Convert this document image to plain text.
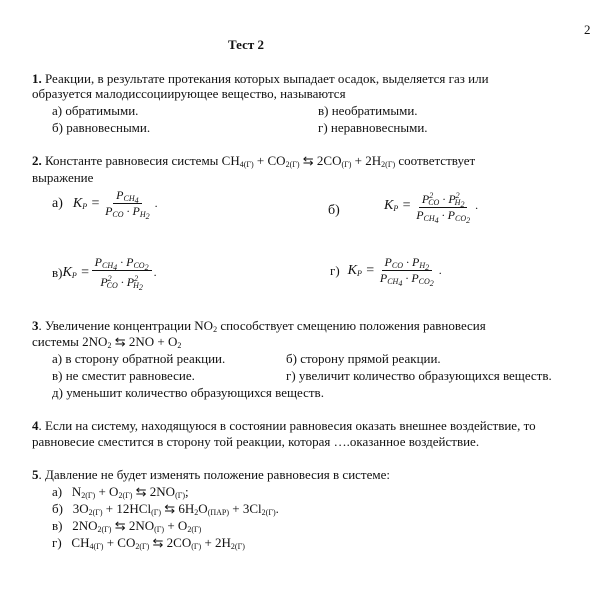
2
Тест 2
1. Реакции, в результате протекания которых выпадает осадок, выделяется газ или
образуется малодиссоциирующее вещество, называются
а) обратимыми.	в) необратимыми.
б) равновесными.	г) неравновесными.
2. Константе равновесия системы $CH_{4(Г)} + CO_{2(Г)}$ ⇆ $2CO_{(Г)} + 2H_{2(Г)}$ соответствует
выражение
а) $K_P = \frac{P_{CH_4}}{P_{CO} \cdot P_{H_2}}$ .	б)	$K_P = \frac{P^2_{CO} \cdot P^2_{H_2}}{P_{CH_4} \cdot P_{CO_2}}$ .
в) $K_P = \frac{P_{CH_4} \cdot P_{CO_2}}{P^2_{CO} \cdot P^2_{H_2}}$ .	г) $K_P = \frac{P_{CO} \cdot P_{H_2}}{P_{CH_4} \cdot P_{CO_2}}$ .
3. Увеличение концентрации $NO_2$ способствует смещению положения равновесия
системы $2NO_2$ ⇆ $2NO + O_2$
а) в сторону обратной реакции.	б) сторону прямой реакции.
в) не сместит равновесие.	г) увеличит количество образующихся веществ.
д) уменьшит количество образующихся веществ.
4. Если на систему, находящуюся в состоянии равновесия оказать внешнее воздействие, то
равновесие сместится в сторону той реакции, которая ….оказанное воздействие.
5. Давление не будет изменять положение равновесия в системе:
а)   $N_{2(Г)} + O_{2(Г)}$ ⇆ $2NO_{(Г)}$;
б)   $3O_{2(Г)} + 12HCl_{(Г)}$ ⇆ $6H_2O_{(ПАР)} + 3Cl_{2(Г)}$.
в)   $2NO_{2(Г)}$ ⇆ $2NO_{(Г)} + O_{2(Г)}$
г)   $CH_{4(Г)} + CO_{2(Г)}$ ⇆ $2CO_{(Г)} + 2H_{2(Г)}$
